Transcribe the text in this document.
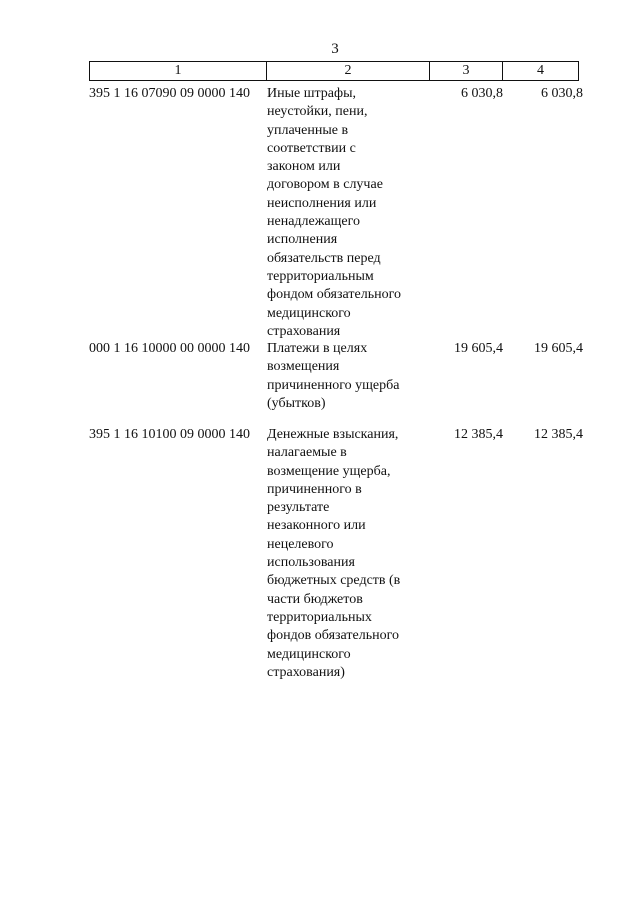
3
1	2	3	4
395 1 16 07090 09 0000 140	Иные штрафы,
неустойки, пени,
уплаченные в
соответствии с
законом или
договором в случае
неисполнения или
ненадлежащего
исполнения
обязательств перед
территориальным
фондом обязательного
медицинского
страхования
6 030,8	6 030,8
000 1 16 10000 00 0000 140	Платежи в целях
возмещения
причиненного ущерба
(убытков)
19 605,4	19 605,4
395 1 16 10100 09 0000 140	Денежные взыскания,
налагаемые в
возмещение ущерба,
причиненного в
результате
незаконного или
нецелевого
использования
бюджетных средств (в
части бюджетов
территориальных
фондов обязательного
медицинского
страхования)
12 385,4	12 385,4
